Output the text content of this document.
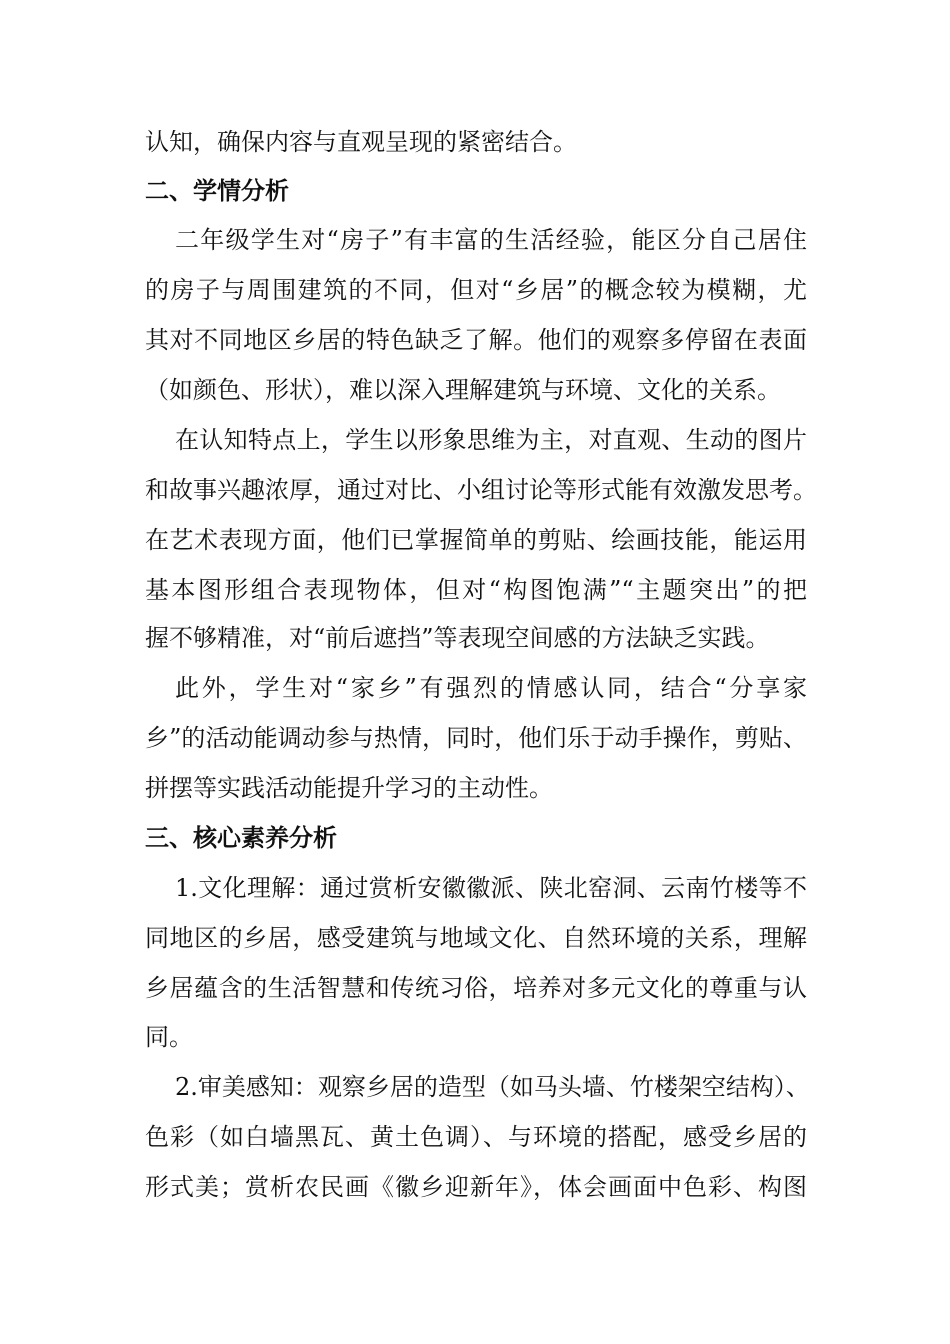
认知，确保内容与直观呈现的紧密结合。
二、学情分析
二年级学生对“房子”有丰富的生活经验，能区分自己居住
的房子与周围建筑的不同，但对“乡居”的概念较为模糊，尤
其对不同地区乡居的特色缺乏了解。他们的观察多停留在表面
（如颜色、形状），难以深入理解建筑与环境、文化的关系。
在认知特点上，学生以形象思维为主，对直观、生动的图片
和故事兴趣浓厚，通过对比、小组讨论等形式能有效激发思考。
在艺术表现方面，他们已掌握简单的剪贴、绘画技能，能运用
基本图形组合表现物体，但对“构图饱满”“主题突出”的把
握不够精准，对“前后遮挡”等表现空间感的方法缺乏实践。
此外，学生对“家乡”有强烈的情感认同，结合“分享家
乡”的活动能调动参与热情，同时，他们乐于动手操作，剪贴、
拼摆等实践活动能提升学习的主动性。
三、核心素养分析
1.文化理解：通过赏析安徽徽派、陕北窑洞、云南竹楼等不
同地区的乡居，感受建筑与地域文化、自然环境的关系，理解
乡居蕴含的生活智慧和传统习俗，培养对多元文化的尊重与认
同。
2.审美感知：观察乡居的造型（如马头墙、竹楼架空结构）、
色彩（如白墙黑瓦、黄土色调）、与环境的搭配，感受乡居的
形式美；赏析农民画《徽乡迎新年》，体会画面中色彩、构图
